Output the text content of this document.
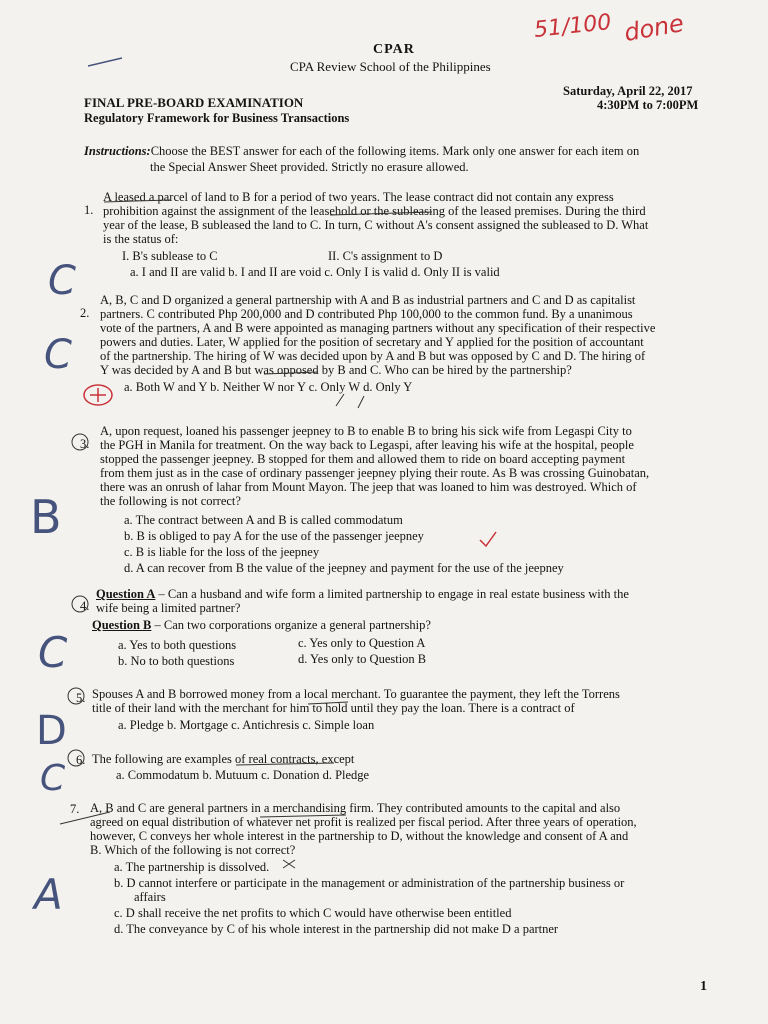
CPAR
CPA Review School of the Philippines
FINAL PRE-BOARD EXAMINATION
Regulatory Framework for Business Transactions
Saturday, April 22, 2017
4:30PM to 7:00PM
51/100 done
Instructions:Choose the BEST answer for each of the following items. Mark only one answer for each item on
the Special Answer Sheet provided. Strictly no erasure allowed.
1.
A leased a parcel of land to B for a period of two years. The lease contract did not contain any express
prohibition against the assignment of the leasehold or the subleasing of the leased premises. During the third
year of the lease, B subleased the land to C. In turn, C without A's consent assigned the subleased to D. What
is the status of:
I. B's sublease to C	II. C's assignment to D
a. I and II are valid b. I and II are void c. Only I is valid d. Only II is valid
C
2.
A, B, C and D organized a general partnership with A and B as industrial partners and C and D as capitalist
partners. C contributed Php 200,000 and D contributed Php 100,000 to the common fund. By a unanimous
vote of the partners, A and B were appointed as managing partners without any specification of their respective
powers and duties. Later, W applied for the position of secretary and Y applied for the position of accountant
of the partnership. The hiring of W was decided upon by A and B but was opposed by C and D. The hiring of
Y was decided by A and B but was opposed by B and C. Who can be hired by the partnership?
a. Both W and Y b. Neither W nor Y c. Only W d. Only Y
C
3.
A, upon request, loaned his passenger jeepney to B to enable B to bring his sick wife from Legaspi City to
the PGH in Manila for treatment. On the way back to Legaspi, after leaving his wife at the hospital, people
stopped the passenger jeepney. B stopped for them and allowed them to ride on board accepting payment
from them just as in the case of ordinary passenger jeepney plying their route. As B was crossing Guinobatan,
there was an onrush of lahar from Mount Mayon. The jeep that was loaned to him was destroyed. Which of
the following is not correct?
a. The contract between A and B is called commodatum
b. B is obliged to pay A for the use of the passenger jeepney
c. B is liable for the loss of the jeepney
d. A can recover from B the value of the jeepney and payment for the use of the jeepney
B
4.
Question A – Can a husband and wife form a limited partnership to engage in real estate business with the
wife being a limited partner?
Question B – Can two corporations organize a general partnership?
a. Yes to both questions	c. Yes only to Question A
b. No to both questions	d. Yes only to Question B
C
5. Spouses A and B borrowed money from a local merchant. To guarantee the payment, they left the Torrens
title of their land with the merchant for him to hold until they pay the loan. There is a contract of
a. Pledge b. Mortgage c. Antichresis c. Simple loan
D
6. The following are examples of real contracts, except
a. Commodatum b. Mutuum c. Donation d. Pledge
C
7. A, B and C are general partners in a merchandising firm. They contributed amounts to the capital and also
agreed on equal distribution of whatever net profit is realized per fiscal period. After three years of operation,
however, C conveys her whole interest in the partnership to D, without the knowledge and consent of A and
B. Which of the following is not correct?
a. The partnership is dissolved.
b. D cannot interfere or participate in the management or administration of the partnership business or
affairs
c. D shall receive the net profits to which C would have otherwise been entitled
d. The conveyance by C of his whole interest in the partnership did not make D a partner
A
1
